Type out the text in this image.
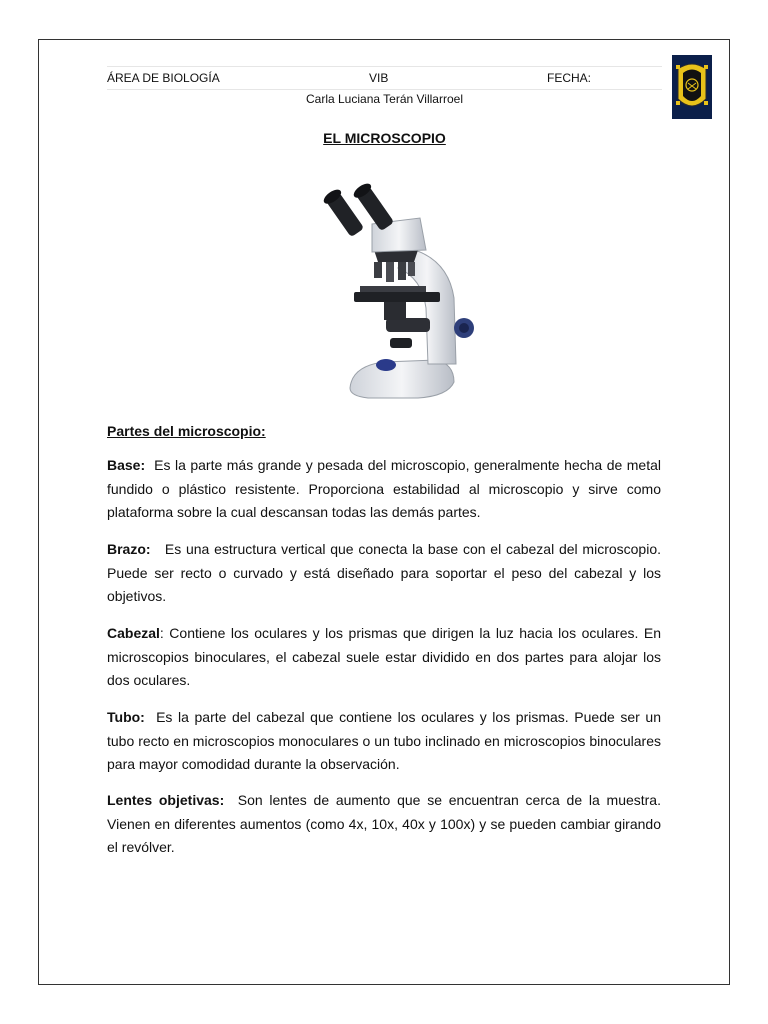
ÁREA DE BIOLOGÍA	VIB	FECHA:
Carla Luciana Terán Villarroel
EL MICROSCOPIO
Partes del microscopio:

Base: Es la parte más grande y pesada del microscopio, generalmente hecha de metal fundido o plástico resistente. Proporciona estabilidad al microscopio y sirve como plataforma sobre la cual descansan todas las demás partes.

Brazo: Es una estructura vertical que conecta la base con el cabezal del microscopio. Puede ser recto o curvado y está diseñado para soportar el peso del cabezal y los objetivos.

Cabezal: Contiene los oculares y los prismas que dirigen la luz hacia los oculares. En microscopios binoculares, el cabezal suele estar dividido en dos partes para alojar los dos oculares.

Tubo: Es la parte del cabezal que contiene los oculares y los prismas. Puede ser un tubo recto en microscopios monoculares o un tubo inclinado en microscopios binoculares para mayor comodidad durante la observación.

Lentes objetivas: Son lentes de aumento que se encuentran cerca de la muestra. Vienen en diferentes aumentos (como 4x, 10x, 40x y 100x) y se pueden cambiar girando el revólver.
